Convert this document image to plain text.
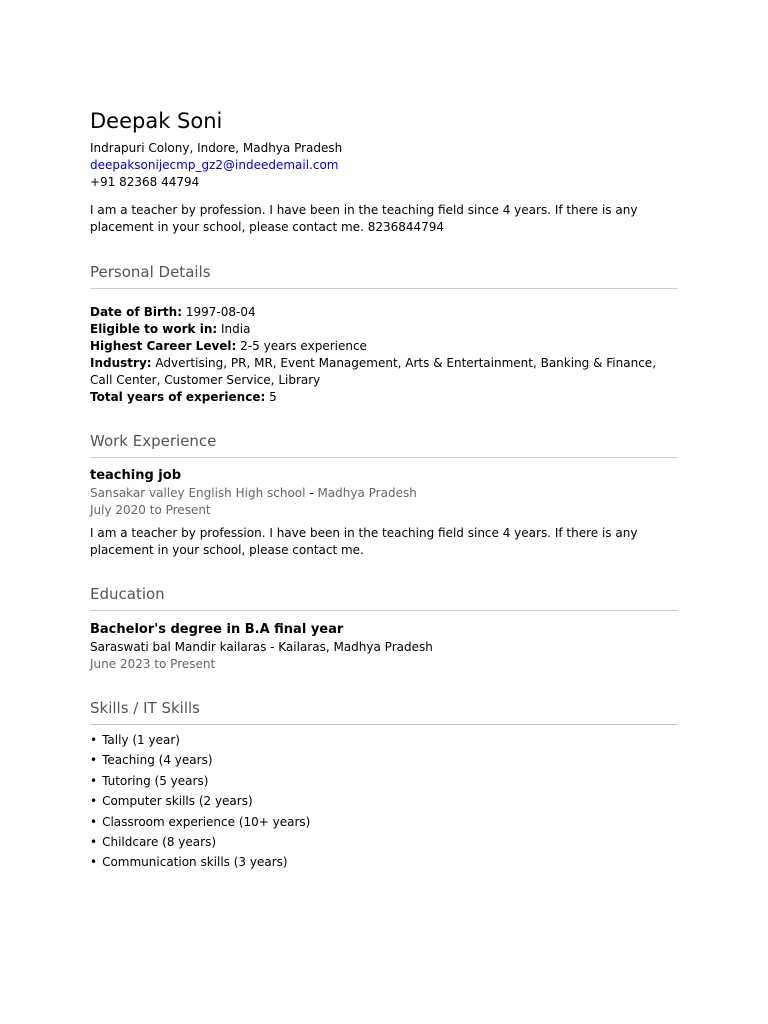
Deepak Soni
Indrapuri Colony, Indore, Madhya Pradesh
deepaksonijecmp_gz2@indeedemail.com
+91 82368 44794

I am a teacher by profession. I have been in the teaching field since 4 years. If there is any placement in your school, please contact me. 8236844794

Personal Details
Date of Birth: 1997-08-04
Eligible to work in: India
Highest Career Level: 2-5 years experience
Industry: Advertising, PR, MR, Event Management, Arts & Entertainment, Banking & Finance, Call Center, Customer Service, Library
Total years of experience: 5
Work Experience
teaching job
Sansakar valley English High school - Madhya Pradesh
July 2020 to Present

I am a teacher by profession. I have been in the teaching field since 4 years. If there is any placement in your school, please contact me.

Education
Bachelor's degree in B.A final year
Saraswati bal Mandir kailaras - Kailaras, Madhya Pradesh
June 2023 to Present
Skills / IT Skills
• Tally (1 year)
• Teaching (4 years)
• Tutoring (5 years)
• Computer skills (2 years)
• Classroom experience (10+ years)
• Childcare (8 years)
• Communication skills (3 years)
